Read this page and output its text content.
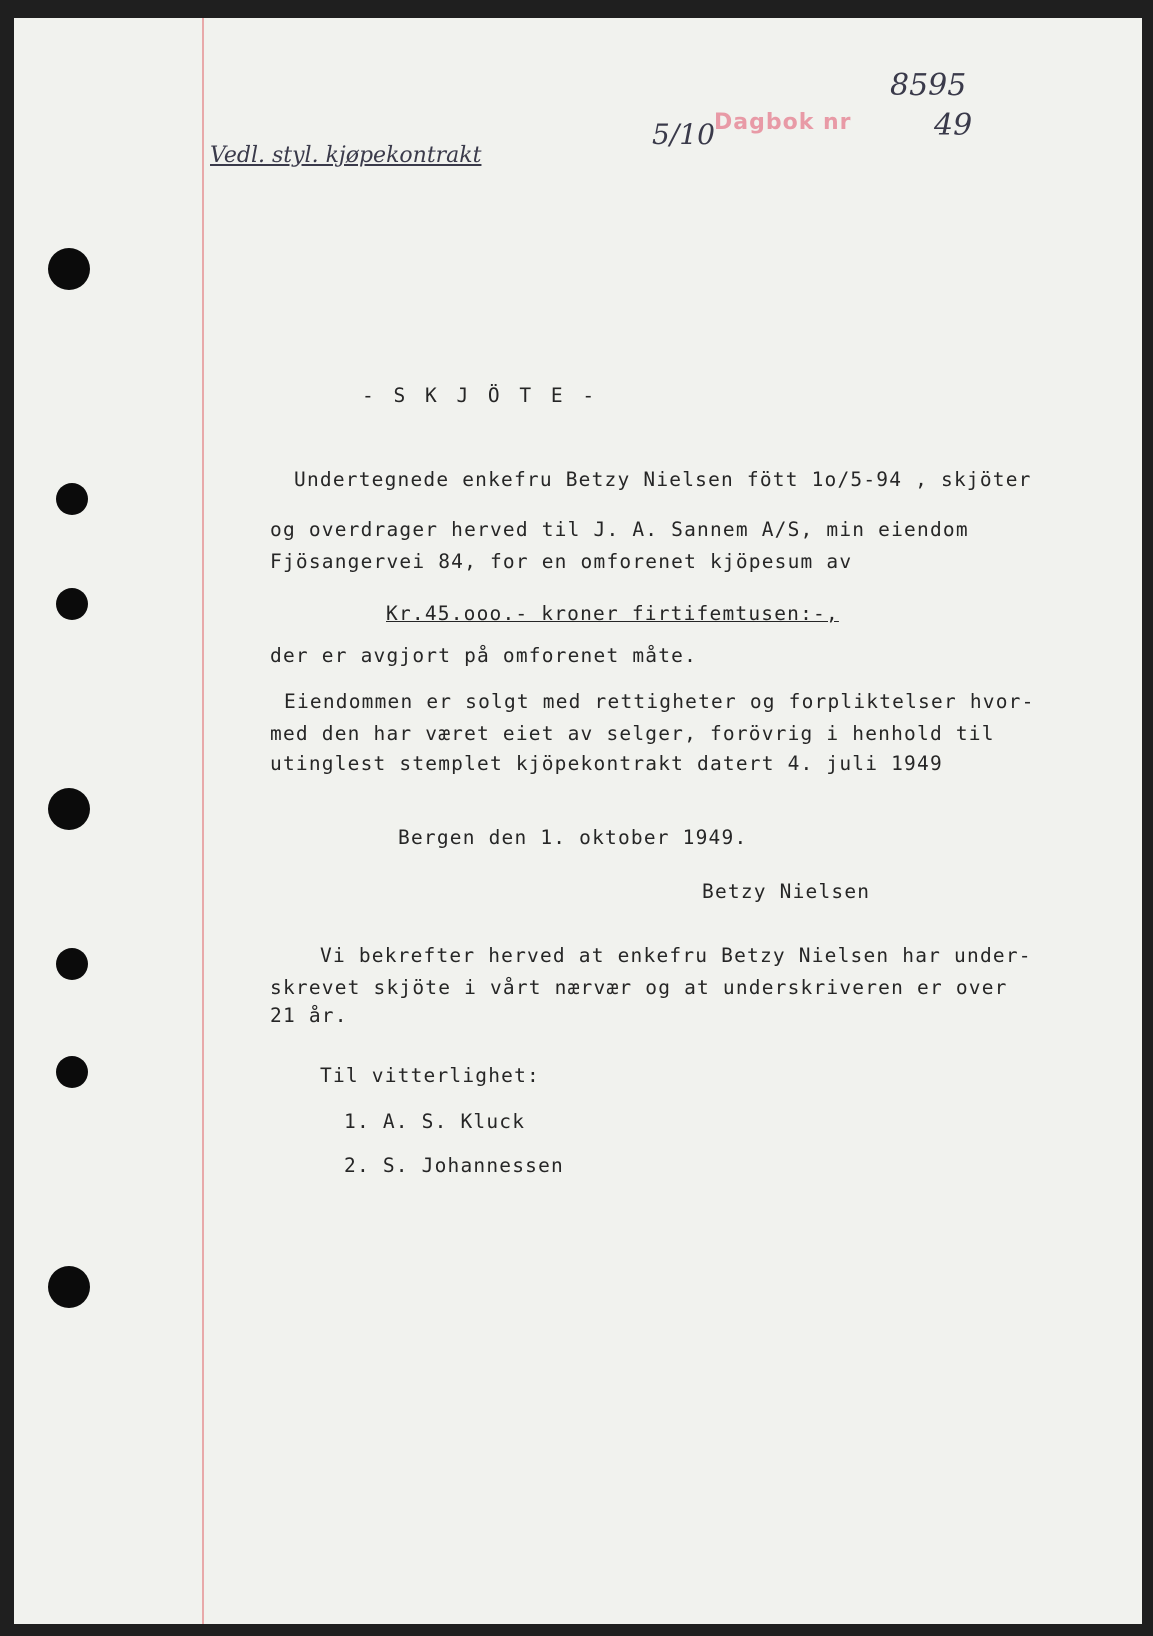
Vedl. styl. kjøpekontrakt
5/10 Dagbok nr
8595
49
- S K J Ö T E -
Undertegnede enkefru Betzy Nielsen fött 1o/5-94 , skjöter
og overdrager herved til J. A. Sannem A/S, min eiendom
Fjösangervei 84, for en omforenet kjöpesum av
Kr.45.ooo.- kroner firtifemtusen:-,
der er avgjort på omforenet måte.
Eiendommen er solgt med rettigheter og forpliktelser hvor-
med den har været eiet av selger, forövrig i henhold til
utinglest stemplet kjöpekontrakt datert 4. juli 1949
Bergen den 1. oktober 1949.
Betzy Nielsen
Vi bekrefter herved at enkefru Betzy Nielsen har under-
skrevet skjöte i vårt nærvær og at underskriveren er over
21 år.
Til vitterlighet:
1. A. S. Kluck
2. S. Johannessen
